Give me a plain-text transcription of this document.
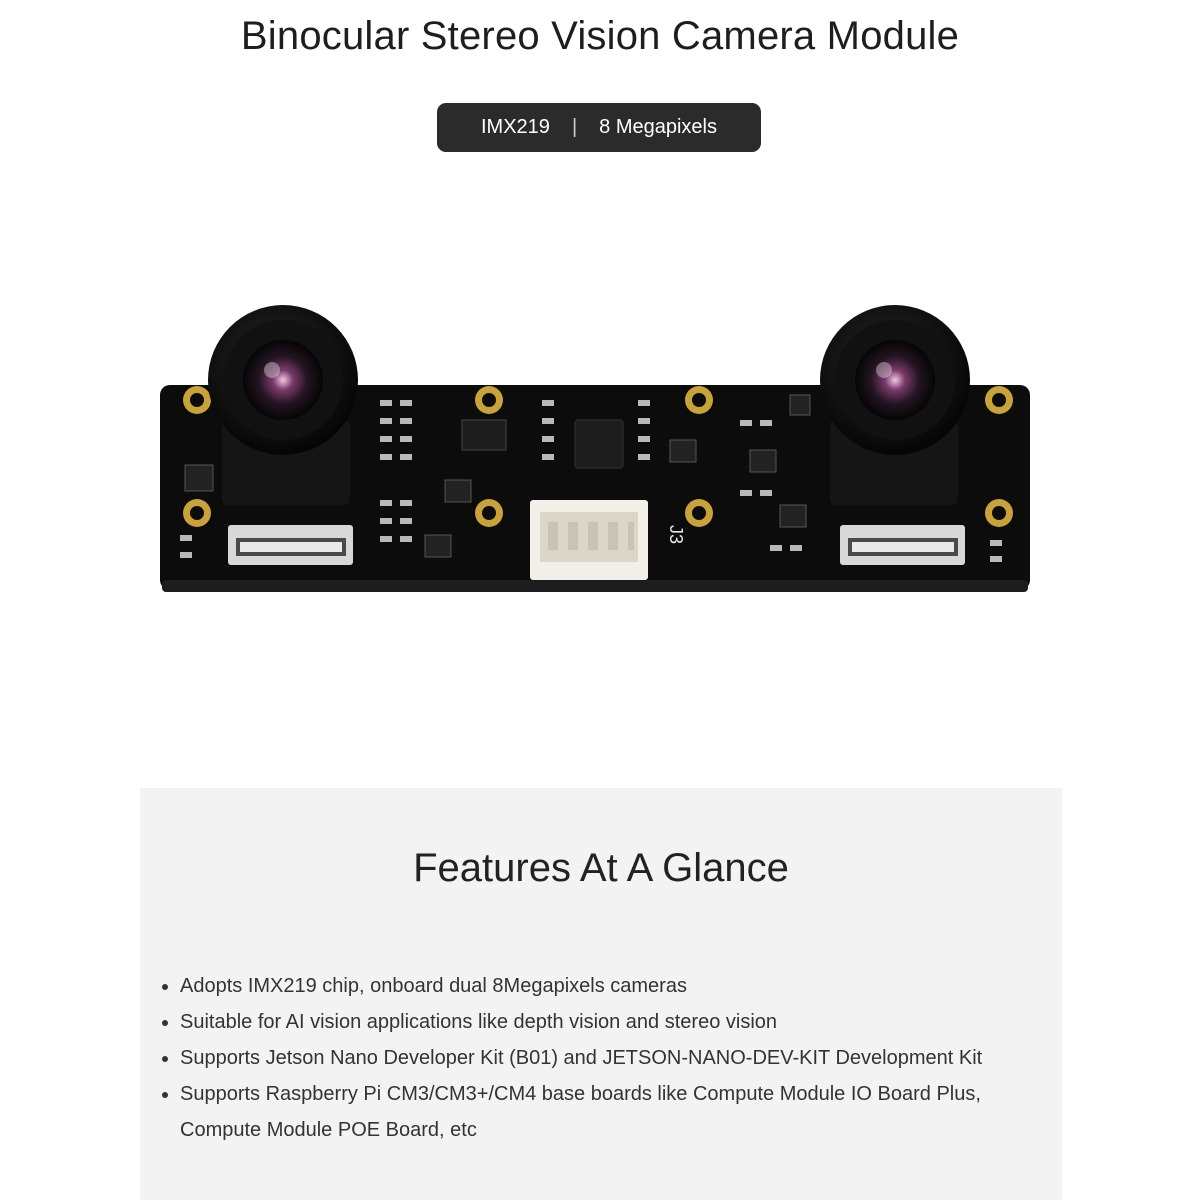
Binocular Stereo Vision Camera Module
IMX219 | 8 Megapixels
J3
Features At A Glance
Adopts IMX219 chip, onboard dual 8Megapixels cameras
Suitable for AI vision applications like depth vision and stereo vision
Supports Jetson Nano Developer Kit (B01) and JETSON-NANO-DEV-KIT Development Kit
Supports Raspberry Pi CM3/CM3+/CM4 base boards like Compute Module IO Board Plus, Compute Module POE Board, etc
